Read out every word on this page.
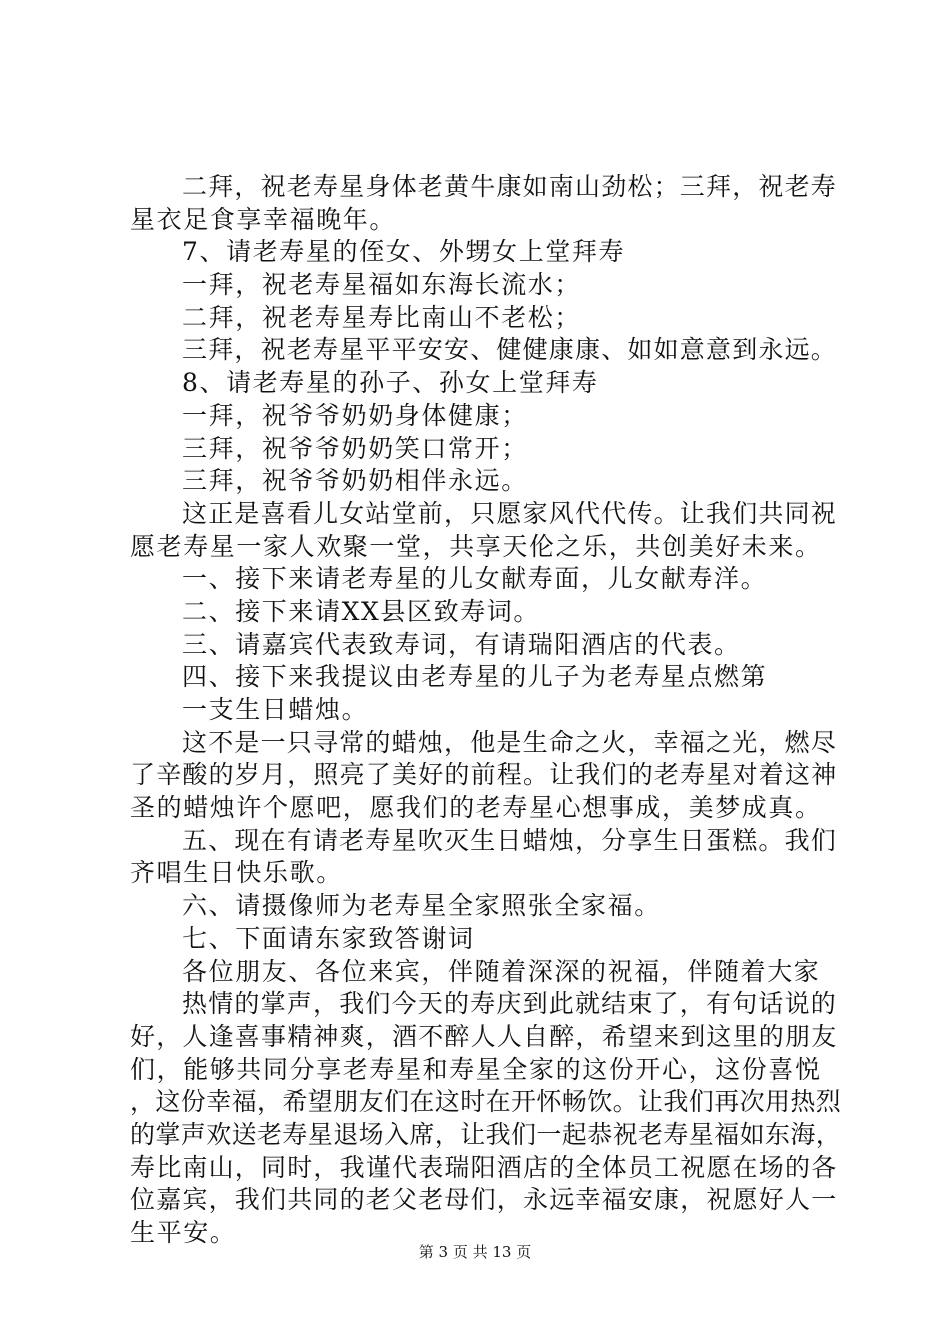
二拜，祝老寿星身体老黄牛康如南山劲松；三拜，祝老寿
星衣足食享幸福晚年。
7、请老寿星的侄女、外甥女上堂拜寿
一拜，祝老寿星福如东海长流水；
二拜，祝老寿星寿比南山不老松；
三拜，祝老寿星平平安安、健健康康、如如意意到永远。
8、请老寿星的孙子、孙女上堂拜寿
一拜，祝爷爷奶奶身体健康；
三拜，祝爷爷奶奶笑口常开；
三拜，祝爷爷奶奶相伴永远。
这正是喜看儿女站堂前，只愿家风代代传。让我们共同祝
愿老寿星一家人欢聚一堂，共享天伦之乐，共创美好未来。
一、接下来请老寿星的儿女献寿面，儿女献寿洋。
二、接下来请XX县区致寿词。
三、请嘉宾代表致寿词，有请瑞阳酒店的代表。
四、接下来我提议由老寿星的儿子为老寿星点燃第
一支生日蜡烛。
这不是一只寻常的蜡烛，他是生命之火，幸福之光，燃尽
了辛酸的岁月，照亮了美好的前程。让我们的老寿星对着这神
圣的蜡烛许个愿吧，愿我们的老寿星心想事成，美梦成真。
五、现在有请老寿星吹灭生日蜡烛，分享生日蛋糕。我们
齐唱生日快乐歌。
六、请摄像师为老寿星全家照张全家福。
七、下面请东家致答谢词
各位朋友、各位来宾，伴随着深深的祝福，伴随着大家
热情的掌声，我们今天的寿庆到此就结束了，有句话说的
好，人逢喜事精神爽，酒不醉人人自醉，希望来到这里的朋友
们，能够共同分享老寿星和寿星全家的这份开心，这份喜悦
，这份幸福，希望朋友们在这时在开怀畅饮。让我们再次用热烈
的掌声欢送老寿星退场入席，让我们一起恭祝老寿星福如东海，
寿比南山，同时，我谨代表瑞阳酒店的全体员工祝愿在场的各
位嘉宾，我们共同的老父老母们，永远幸福安康，祝愿好人一
生平安。
第 3 页 共 13 页
